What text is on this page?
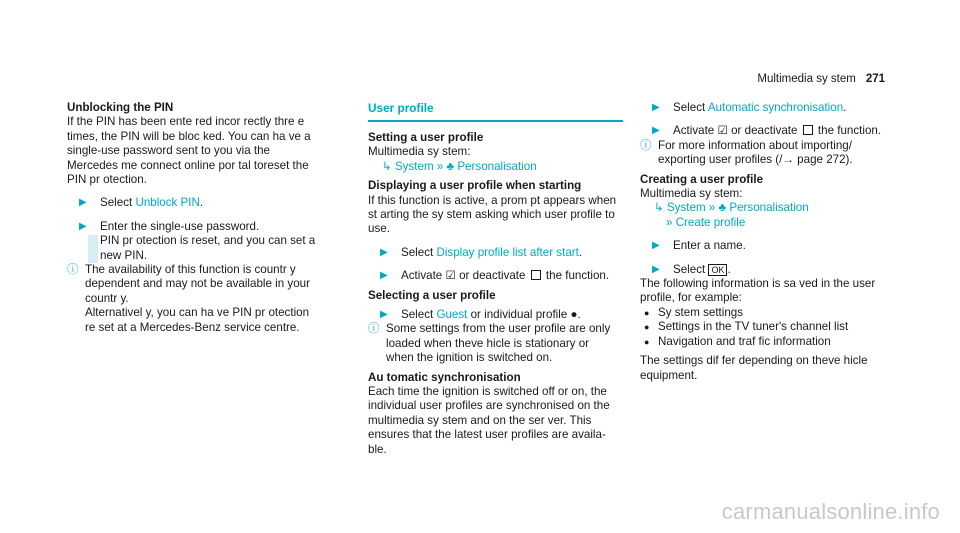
Multimedia sy stem 271

Unblocking the PIN

If the PIN has been ente red incor rectly thre e

times, the PIN will be bloc ked. You can ha ve a

single-use password sent to you via the

Mercedes me connect online por tal toreset the

PIN pr otection.

▶ Select Unblock PIN.
▶ Enter the single-use password.

PIN pr otection is reset, and you can set a

new PIN.

ⓘ The availability of this function is countr y

dependent and may not be available in your

countr y.

Alternativel y, you can ha ve PIN pr otection

re set at a Mercedes-Benz service centre.

User profile

Setting a user profile

Multimedia sy stem:

↳ System » ♣ Personalisation

Displaying a user profile when starting

If this function is active, a prom pt appears when

st arting the sy stem asking which user profile to

use.

▶ Select Display profile list after start.
▶ Activate ☑ or deactivate  the function.

Selecting a user profile

▶ Select Guest or individual profile ●.
ⓘ Some settings from the user profile are only

loaded when theve hicle is stationary or

when the ignition is switched on.

Au tomatic synchronisation

Each time the ignition is switched off or on, the

individual user profiles are synchronised on the

multimedia sy stem and on the ser ver. This

ensures that the latest user profiles are availa‐

ble.

▶ Select Automatic synchronisation.
▶ Activate ☑ or deactivate  the function.
ⓘ For more information about importing/

exporting user profiles (/→ page 272).

Creating a user profile

Multimedia sy stem:

↳ System » ♣ Personalisation

» Create profile

▶ Enter a name.
▶ Select OK .

The following information is sa ved in the user

profile, for example:

● Sy stem settings
● Settings in the TV tuner's channel list
● Navigation and traf fic information

The settings dif fer depending on theve hicle

equipment.

carmanualsonline.info
